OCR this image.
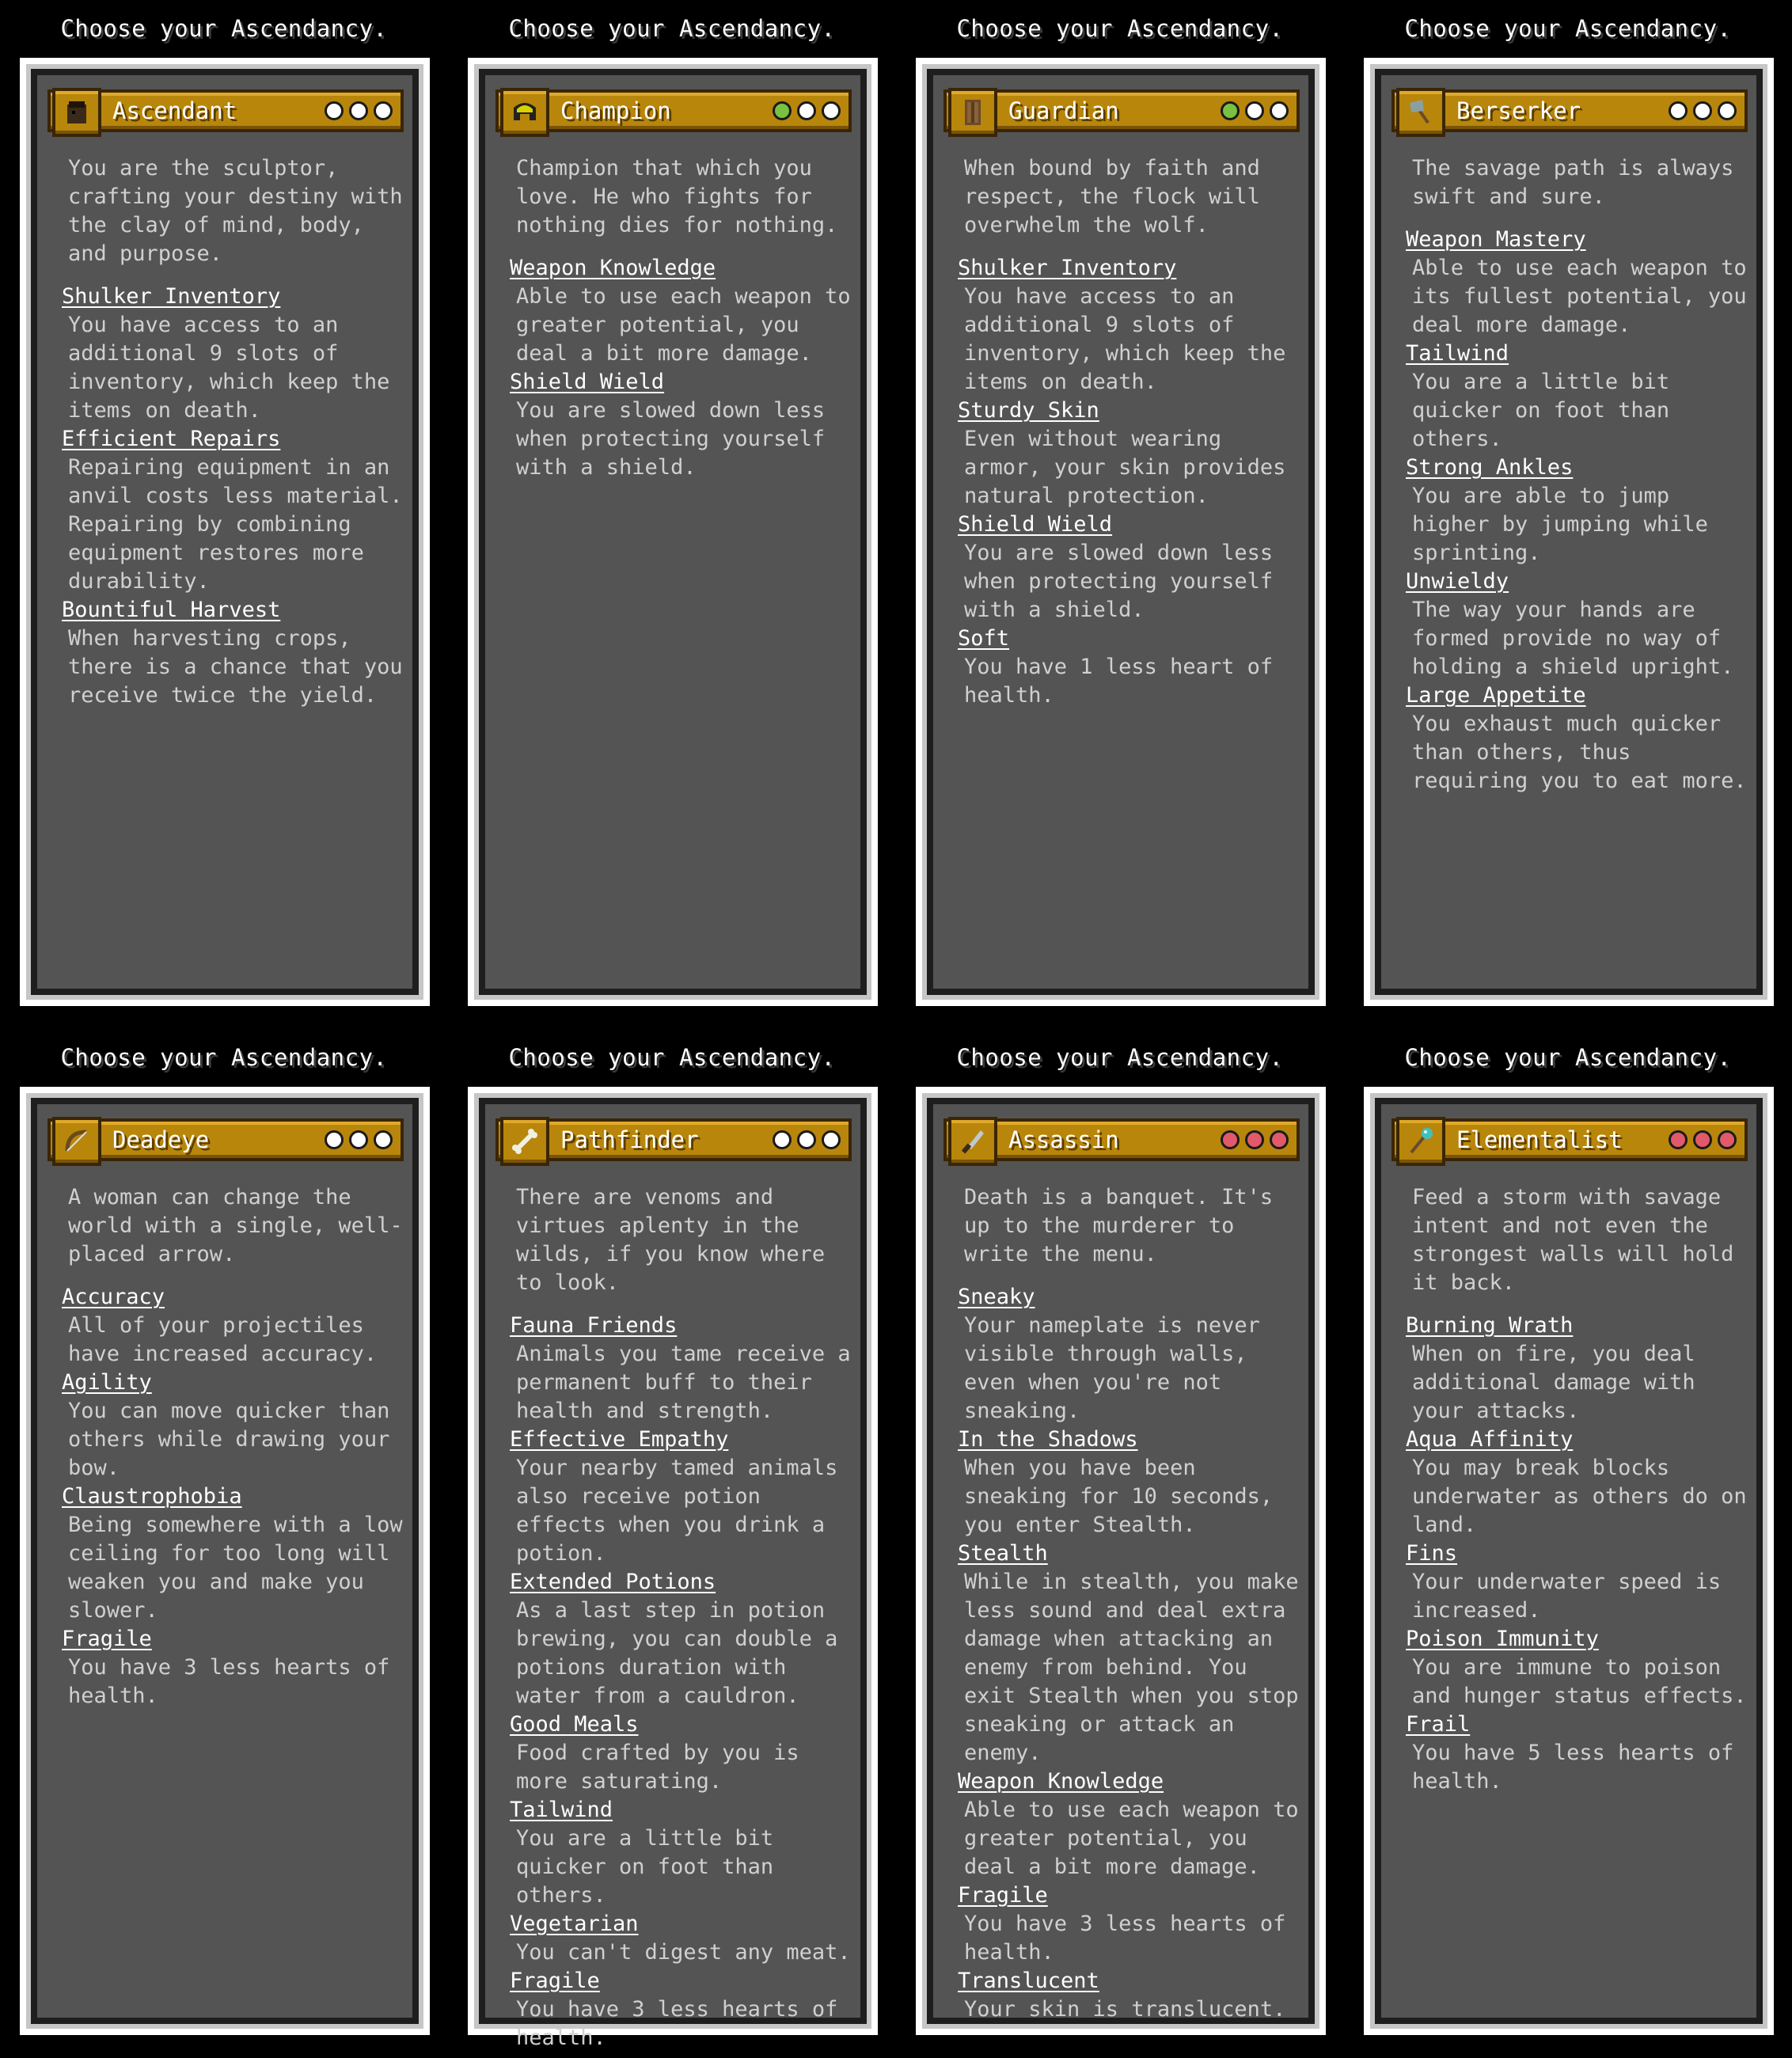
Choose your Ascendancy.
Ascendant

You are the sculptor, crafting your destiny with the clay of mind, body, and purpose.

Shulker Inventory
You have access to an additional 9 slots of inventory, which keep the items on death.
Efficient Repairs
Repairing equipment in an anvil costs less material. Repairing by combining equipment restores more durability.
Bountiful Harvest
When harvesting crops, there is a chance that you receive twice the yield.
Choose your Ascendancy.
Champion

Champion that which you love. He who fights for nothing dies for nothing.

Weapon Knowledge
Able to use each weapon to greater potential, you deal a bit more damage.
Shield Wield
You are slowed down less when protecting yourself with a shield.
Choose your Ascendancy.
Guardian

When bound by faith and respect, the flock will overwhelm the wolf.

Shulker Inventory
You have access to an additional 9 slots of inventory, which keep the items on death.
Sturdy Skin
Even without wearing armor, your skin provides natural protection.
Shield Wield
You are slowed down less when protecting yourself with a shield.
Soft
You have 1 less heart of health.
Choose your Ascendancy.
Berserker

The savage path is always swift and sure.

Weapon Mastery
Able to use each weapon to its fullest potential, you deal more damage.
Tailwind
You are a little bit quicker on foot than others.
Strong Ankles
You are able to jump higher by jumping while sprinting.
Unwieldy
The way your hands are formed provide no way of holding a shield upright.
Large Appetite
You exhaust much quicker than others, thus requiring you to eat more.
Choose your Ascendancy.
Deadeye

A woman can change the world with a single, well-placed arrow.

Accuracy
All of your projectiles have increased accuracy.
Agility
You can move quicker than others while drawing your bow.
Claustrophobia
Being somewhere with a low ceiling for too long will weaken you and make you slower.
Fragile
You have 3 less hearts of health.
Choose your Ascendancy.
Pathfinder

There are venoms and virtues aplenty in the wilds, if you know where to look.

Fauna Friends
Animals you tame receive a permanent buff to their health and strength.
Effective Empathy
Your nearby tamed animals also receive potion effects when you drink a potion.
Extended Potions
As a last step in potion brewing, you can double a potions duration with water from a cauldron.
Good Meals
Food crafted by you is more saturating.
Tailwind
You are a little bit quicker on foot than others.
Vegetarian
You can't digest any meat.
Fragile
You have 3 less hearts of health.
Choose your Ascendancy.
Assassin

Death is a banquet. It's up to the murderer to write the menu.

Sneaky
Your nameplate is never visible through walls, even when you're not sneaking.
In the Shadows
When you have been sneaking for 10 seconds, you enter Stealth.
Stealth
While in stealth, you make less sound and deal extra damage when attacking an enemy from behind. You exit Stealth when you stop sneaking or attack an enemy.
Weapon Knowledge
Able to use each weapon to greater potential, you deal a bit more damage.
Fragile
You have 3 less hearts of health.
Translucent
Your skin is translucent.
Choose your Ascendancy.
Elementalist

Feed a storm with savage intent and not even the strongest walls will hold it back.

Burning Wrath
When on fire, you deal additional damage with your attacks.
Aqua Affinity
You may break blocks underwater as others do on land.
Fins
Your underwater speed is increased.
Poison Immunity
You are immune to poison and hunger status effects.
Frail
You have 5 less hearts of health.
